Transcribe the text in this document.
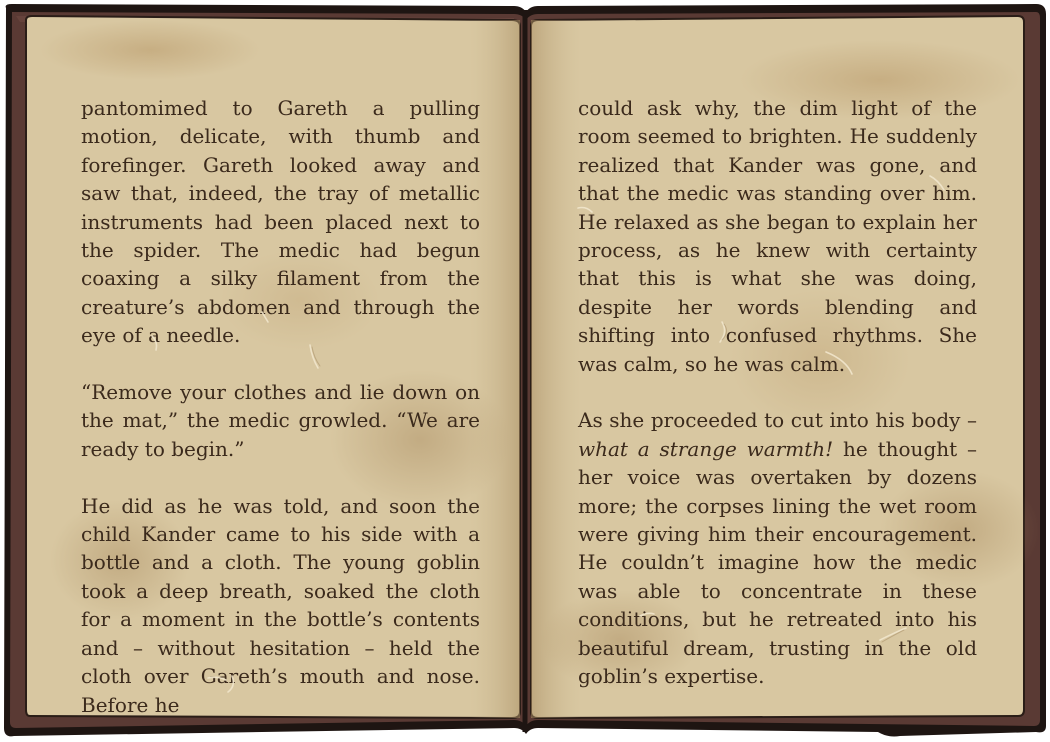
pantomimed to Gareth a pulling motion, delicate, with thumb and forefinger. Gareth looked away and saw that, indeed, the tray of metallic instruments had been placed next to the spider. The medic had begun coaxing a silky filament from the creature’s abdomen and through the eye of a needle.

“Remove your clothes and lie down on the mat,” the medic growled. “We are ready to begin.”

He did as he was told, and soon the child Kander came to his side with a bottle and a cloth. The young goblin took a deep breath, soaked the cloth for a moment in the bottle’s contents and – without hesitation – held the cloth over Gareth’s mouth and nose. Before he

could ask why, the dim light of the room seemed to brighten. He suddenly realized that Kander was gone, and that the medic was standing over him. He relaxed as she began to explain her process, as he knew with certainty that this is what she was doing, despite her words blending and shifting into confused rhythms. She was calm, so he was calm.

As she proceeded to cut into his body – what a strange warmth! he thought – her voice was overtaken by dozens more; the corpses lining the wet room were giving him their encouragement. He couldn’t imagine how the medic was able to concentrate in these conditions, but he retreated into his beautiful dream, trusting in the old goblin’s expertise.
